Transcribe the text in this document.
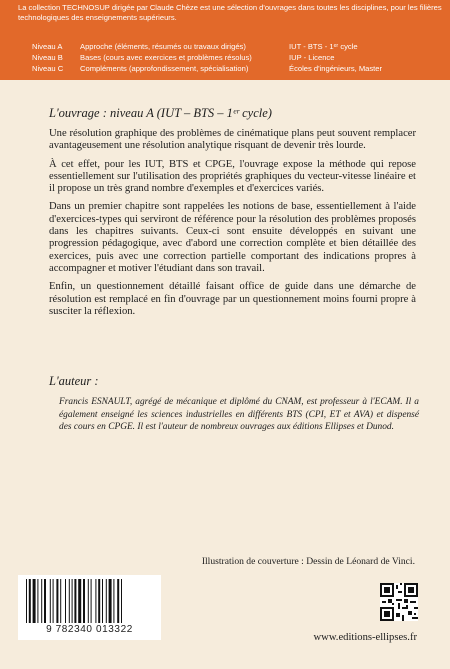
La collection TECHNOSUP dirigée par Claude Chèze est une sélection d'ouvrages dans toutes les disciplines, pour les filières technologiques des enseignements supérieurs.
Niveau A Approche (éléments, résumés ou travaux dirigés)	IUT - BTS - 1ᵉʳ cycle
Niveau B Bases (cours avec exercices et problèmes résolus)	IUP - Licence
Niveau C Compléments (approfondissement, spécialisation)	Écoles d'ingénieurs, Master
L'ouvrage : niveau A (IUT – BTS – 1ᵉʳ cycle)

Une résolution graphique des problèmes de cinématique plans peut souvent remplacer avantageusement une résolution analytique risquant de devenir très lourde.

À cet effet, pour les IUT, BTS et CPGE, l'ouvrage expose la méthode qui repose essentiellement sur l'utilisation des propriétés graphiques du vecteur-vitesse linéaire et il propose un très grand nombre d'exemples et d'exercices variés.

Dans un premier chapitre sont rappelées les notions de base, essentiellement à l'aide d'exercices-types qui serviront de référence pour la résolution des problèmes proposés dans les chapitres suivants. Ceux-ci sont ensuite développés en suivant une progression pédagogique, avec d'abord une correction complète et bien détaillée des exercices, puis avec une correction partielle comportant des indications propres à accompagner et motiver l'étudiant dans son travail.

Enfin, un questionnement détaillé faisant office de guide dans une démarche de résolution est remplacé en fin d'ouvrage par un questionnement moins fourni propre à susciter la réflexion.

L'auteur :
Francis ESNAULT, agrégé de mécanique et diplômé du CNAM, est professeur à l'ECAM. Il a également enseigné les sciences industrielles en différents BTS (CPI, ET et AVA) et dispensé des cours en CPGE. Il est l'auteur de nombreux ouvrages aux éditions Ellipses et Dunod.
Illustration de couverture : Dessin de Léonard de Vinci.
9 782340 013322
www.editions-ellipses.fr
